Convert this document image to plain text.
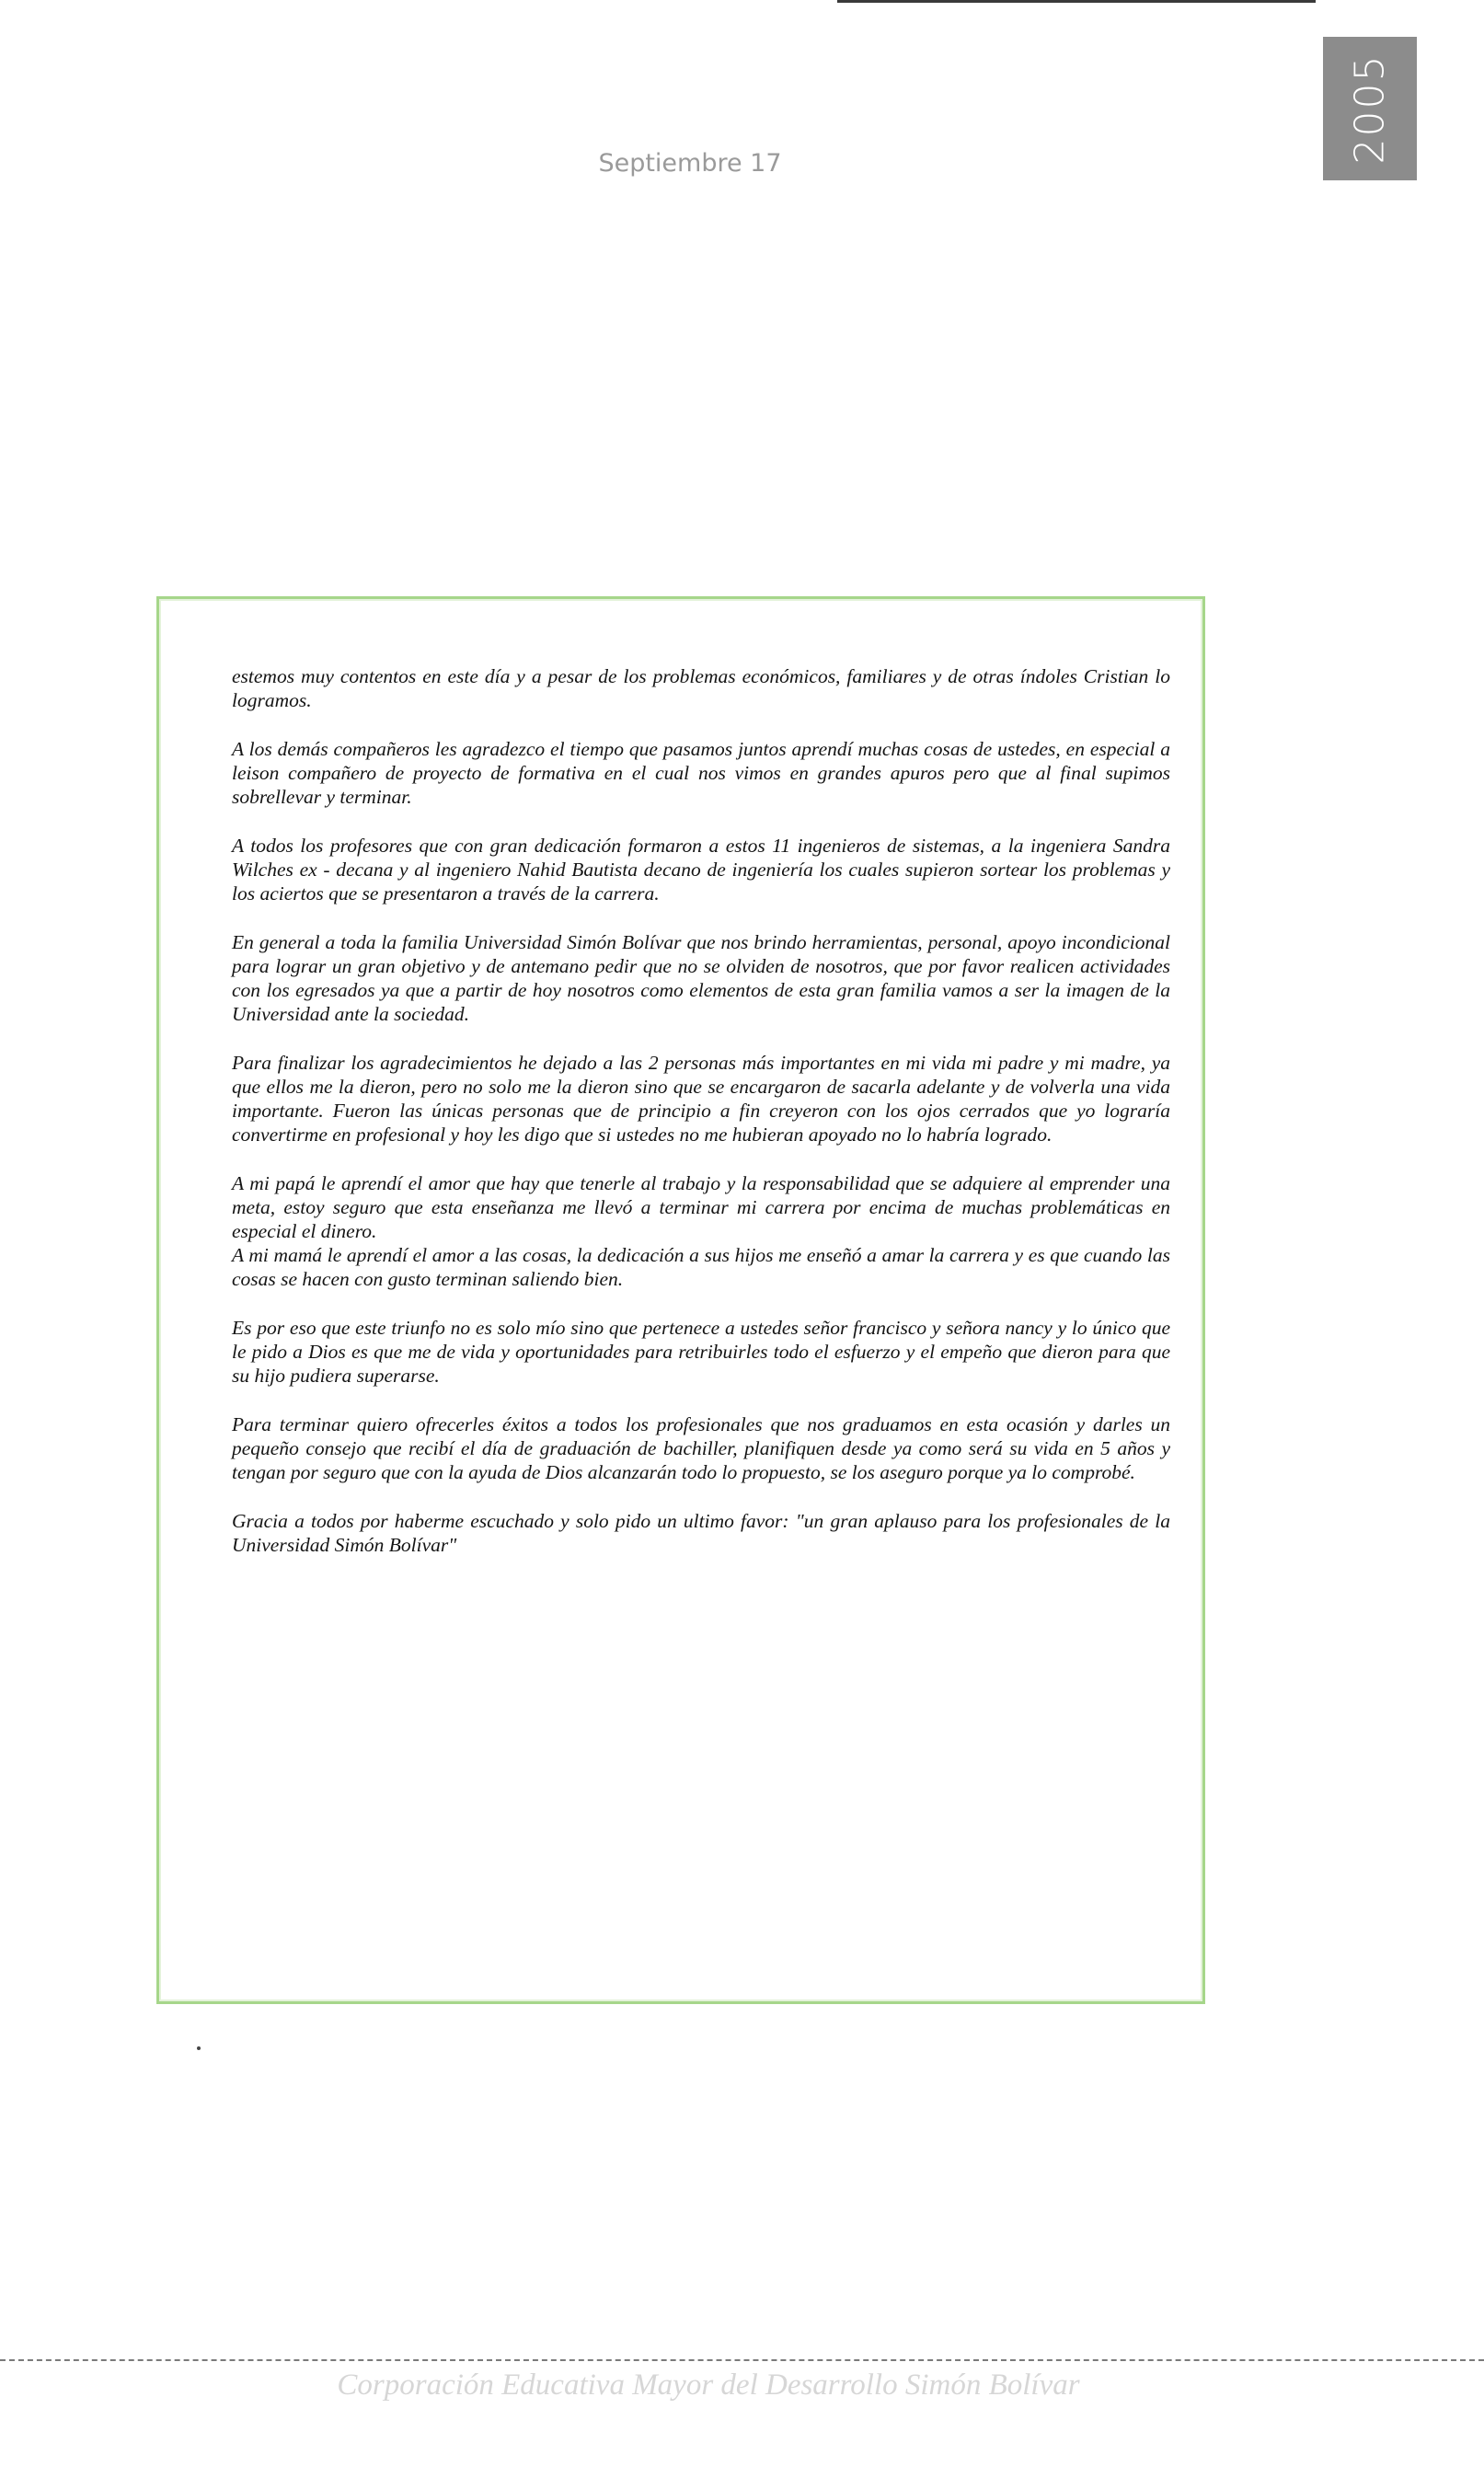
2005
Septiembre 17

estemos muy contentos en este día y a pesar de los problemas económicos, familiares y de otras índoles Cristian lo logramos.

A los demás compañeros les agradezco el tiempo que pasamos juntos aprendí muchas cosas de ustedes, en especial a leison compañero de proyecto de formativa en el cual nos vimos en grandes apuros pero que al final supimos sobrellevar y terminar.

A todos los profesores que con gran dedicación formaron a estos 11 ingenieros de sistemas, a la ingeniera Sandra Wilches ex - decana y al ingeniero Nahid Bautista decano de ingeniería los cuales supieron sortear los problemas y los aciertos que se presentaron a través de la carrera.

En general a toda la familia Universidad Simón Bolívar que nos brindo herramientas, personal, apoyo incondicional para lograr un gran objetivo y de antemano pedir que no se olviden de nosotros, que por favor realicen actividades con los egresados ya que a partir de hoy nosotros como elementos de esta gran familia vamos a ser la imagen de la Universidad ante la sociedad.

Para finalizar los agradecimientos he dejado a las 2 personas más importantes en mi vida mi padre y mi madre, ya que ellos me la dieron, pero no solo me la dieron sino que se encargaron de sacarla adelante y de volverla una vida importante. Fueron las únicas personas que de principio a fin creyeron con los ojos cerrados que yo lograría convertirme en profesional y hoy les digo que si ustedes no me hubieran apoyado no lo habría logrado.

A mi papá le aprendí el amor que hay que tenerle al trabajo y la responsabilidad que se adquiere al emprender una meta, estoy seguro que esta enseñanza me llevó a terminar mi carrera por encima de muchas problemáticas en especial el dinero.

A mi mamá le aprendí el amor a las cosas, la dedicación a sus hijos me enseñó a amar la carrera y es que cuando las cosas se hacen con gusto terminan saliendo bien.

Es por eso que este triunfo no es solo mío sino que pertenece a ustedes señor francisco y señora nancy y lo único que le pido a Dios es que me de vida y oportunidades para retribuirles todo el esfuerzo y el empeño que dieron para que su hijo pudiera superarse.

Para terminar quiero ofrecerles éxitos a todos los profesionales que nos graduamos en esta ocasión y darles un pequeño consejo que recibí el día de graduación de bachiller, planifiquen desde ya como será su vida en 5 años y tengan por seguro que con la ayuda de Dios alcanzarán todo lo propuesto, se los aseguro porque ya lo comprobé.

Gracia a todos por haberme escuchado y solo pido un ultimo favor: "un gran aplauso para los profesionales de la Universidad Simón Bolívar"

Corporación Educativa Mayor del Desarrollo Simón Bolívar
